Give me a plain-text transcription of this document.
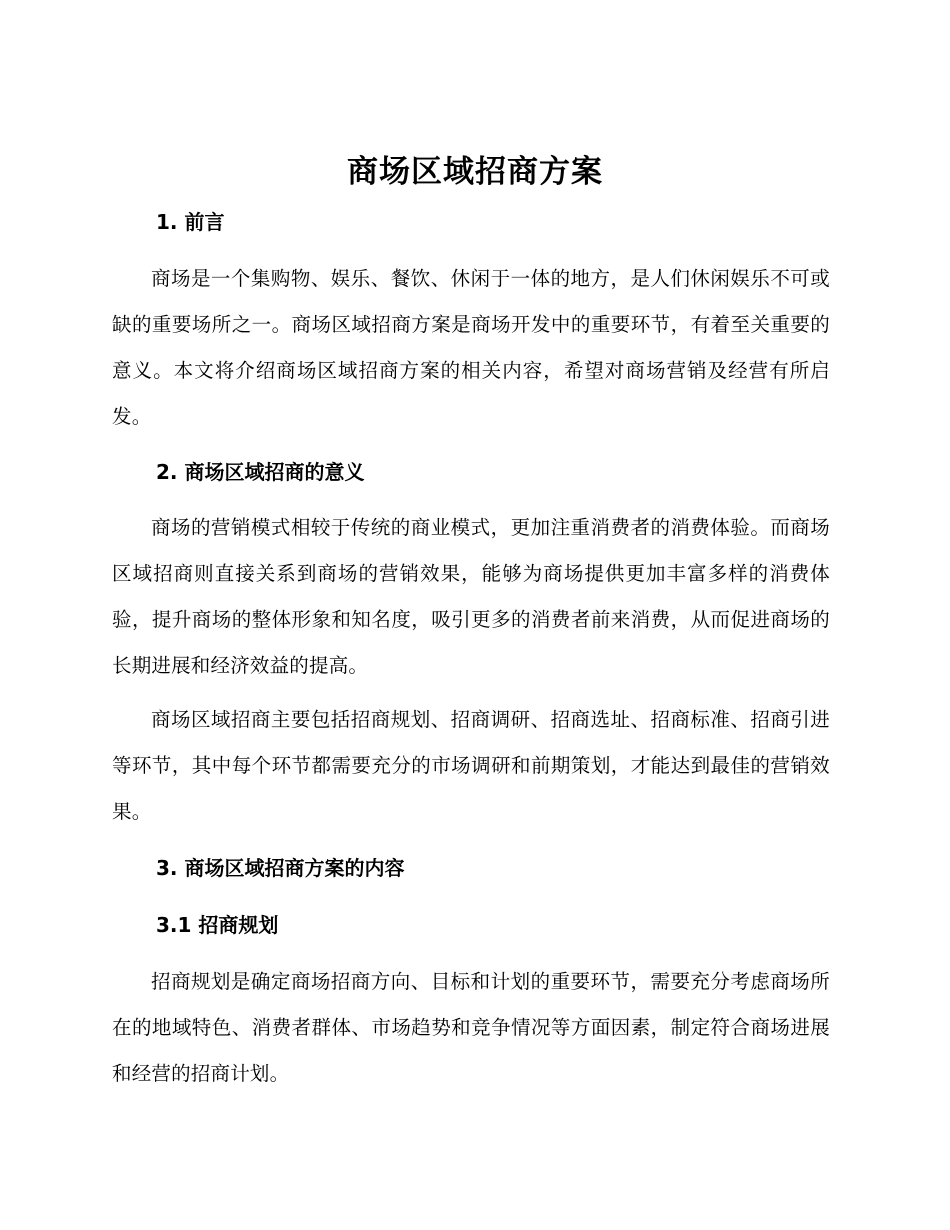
商场区域招商方案
1. 前言

商场是一个集购物、娱乐、餐饮、休闲于一体的地方，是人们休闲娱乐不可或缺的重要场所之一。商场区域招商方案是商场开发中的重要环节，有着至关重要的意义。本文将介绍商场区域招商方案的相关内容，希望对商场营销及经营有所启发。

2. 商场区域招商的意义

商场的营销模式相较于传统的商业模式，更加注重消费者的消费体验。而商场区域招商则直接关系到商场的营销效果，能够为商场提供更加丰富多样的消费体验，提升商场的整体形象和知名度，吸引更多的消费者前来消费，从而促进商场的长期进展和经济效益的提高。

商场区域招商主要包括招商规划、招商调研、招商选址、招商标准、招商引进等环节，其中每个环节都需要充分的市场调研和前期策划，才能达到最佳的营销效果。

3. 商场区域招商方案的内容
3.1 招商规划

招商规划是确定商场招商方向、目标和计划的重要环节，需要充分考虑商场所在的地域特色、消费者群体、市场趋势和竞争情况等方面因素，制定符合商场进展和经营的招商计划。
